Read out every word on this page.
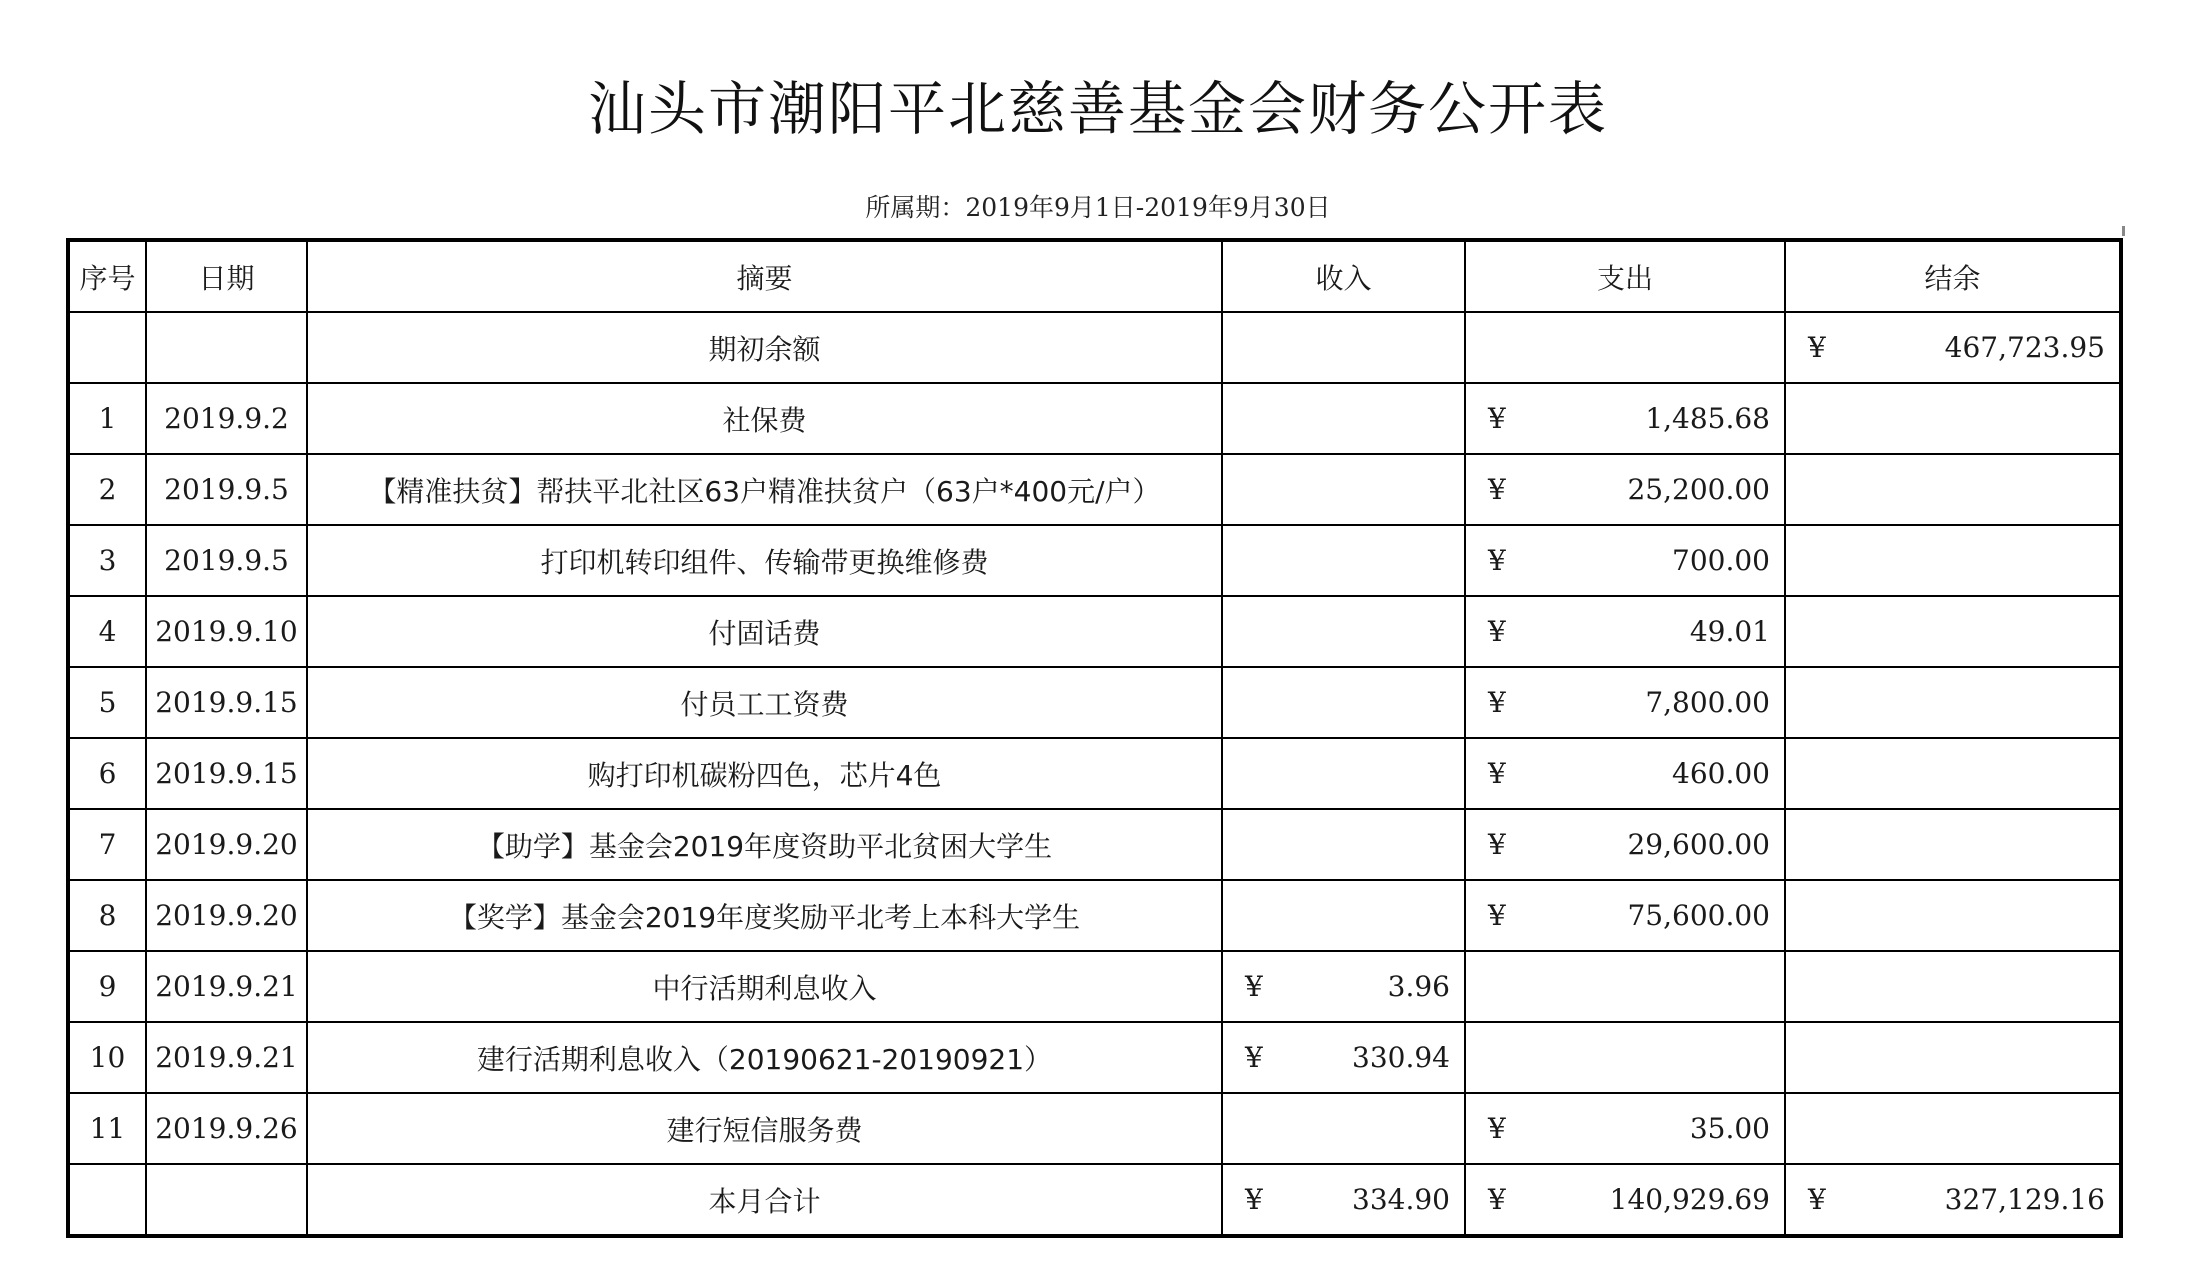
汕头市潮阳平北慈善基金会财务公开表
所属期：2019年9月1日-2019年9月30日
序号	日期	摘要	收入	支出	结余
		期初余额			¥ 467,723.95

1	2019.9.2	社保费		¥ 1,485.68	

2	2019.9.5	【精准扶贫】帮扶平北社区63户精准扶贫户（63户*400元/户）		¥ 25,200.00	

3	2019.9.5	打印机转印组件、传输带更换维修费		¥ 700.00	

4	2019.9.10	付固话费		¥ 49.01	

5	2019.9.15	付员工工资费		¥ 7,800.00	

6	2019.9.15	购打印机碳粉四色，芯片4色		¥ 460.00	

7	2019.9.20	【助学】基金会2019年度资助平北贫困大学生		¥ 29,600.00	

8	2019.9.20	【奖学】基金会2019年度奖励平北考上本科大学生		¥ 75,600.00	

9	2019.9.21	中行活期利息收入	¥ 3.96		

10	2019.9.21	建行活期利息收入（20190621-20190921）	¥ 330.94		

11	2019.9.26	建行短信服务费		¥ 35.00	

		本月合计	¥ 334.90	¥ 140,929.69	¥ 327,129.16
